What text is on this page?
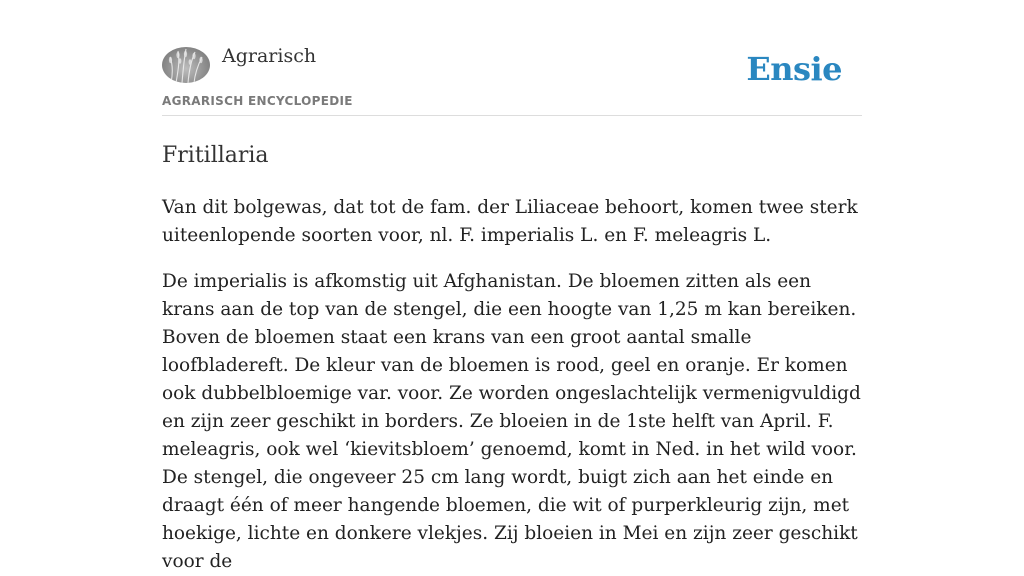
Agrarisch
AGRARISCH ENCYCLOPEDIE
Ensie
Fritillaria

Van dit bolgewas, dat tot de fam. der Liliaceae behoort, komen twee sterk uiteenlopende soorten voor, nl. F. imperialis L. en F. meleagris L.

De imperialis is afkomstig uit Afghanistan. De bloemen zitten als een krans aan de top van de stengel, die een hoogte van 1,25 m kan bereiken. Boven de bloemen staat een krans van een groot aantal smalle loofbladereft. De kleur van de bloemen is rood, geel en oranje. Er komen ook dubbelbloemige var. voor. Ze worden ongeslachtelijk vermenigvuldigd en zijn zeer geschikt in borders. Ze bloeien in de 1ste helft van April. F. meleagris, ook wel ‘kievitsbloem’ genoemd, komt in Ned. in het wild voor. De stengel, die ongeveer 25 cm lang wordt, buigt zich aan het einde en draagt één of meer hangende bloemen, die wit of purperkleurig zijn, met hoekige, lichte en donkere vlekjes. Zij bloeien in Mei en zijn zeer geschikt voor de
